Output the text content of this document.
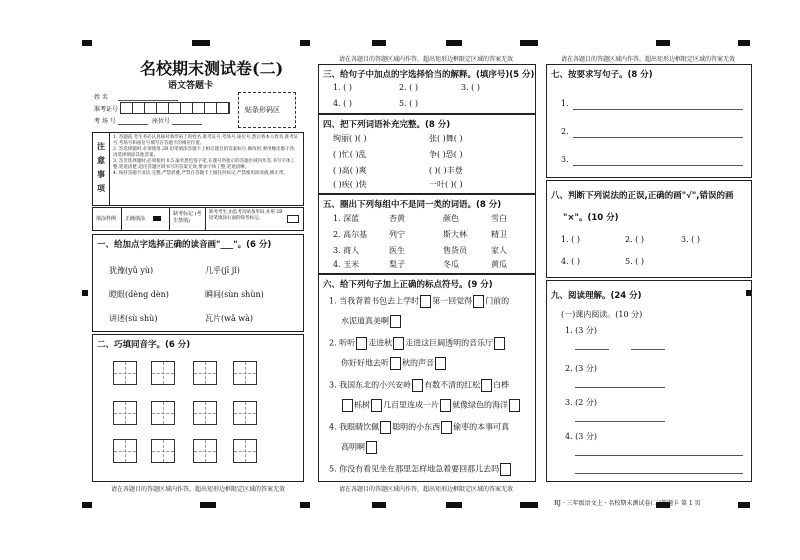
名校期末测试卷(二)
语文答题卡
姓 名
准考证号
考 场 号	座位号
贴条形码区
注
意
事
项
1. 答题前,考生务必认真核对条形码上的姓名,准考证号,考场号,座位号,然后将本人姓名,准考证号,考场号和座位号填写在答题卡的相应位置。
2. 答选择题时,必须使用 2B 铅笔填涂答题卡上相应题目的答案标号,修改时,要用橡皮擦干净,再选择填涂其他答案。
3. 答非选择题时,必须使用 0.5 毫米黑色签字笔,在题号所指示的答题区域内作答,书写字体工整,笔迹清楚,超出答题区域书写的答案无效,要求字体工整,笔迹清晰。
4. 保持答题卡清洁,完整,严禁折叠,严禁在答题卡上做任何标记,严禁使用涂改液,修正带。
填涂样例 正确填涂
缺考标记 (考生禁填)
缺考考生,由监考员贴条形码,并用 2B 铅笔填涂右面的缺考标记。
一、给加点字选择正确的读音画"___"。(6 分)
犹豫(yǔ yù)	几乎(jī jǐ)
瞪眼(dèng dèn)	瞬间(sùn shùn)
讲述(sù shù)	瓦片(wǎ wà)
二、巧填同音字。(6 分)
请在各题目的答题区域内作答，超出矩形边框限定区域的答案无效
请在各题目的答题区域内作答，超出矩形边框限定区域的答案无效
三、给句子中加点的字选择恰当的解释。(填序号)(5 分)
1. ( )	2. ( )	3. ( )
4. ( )	5. ( )
四、把下列词语补充完整。(8 分)
绚丽( )( )	张( )舞( )
( )忙( )乱	争( )恐( )
( )高( )爽	( )( )丰登
( )疾( )快	一叶( )( )
五、圈出下列每组中不是同一类的词语。(8 分)
1. 深蓝	杏黄	颜色	雪白
2. 高尔基	列宁	斯大林	精卫
3. 商人	医生	售货员	家人
4. 玉米	梨子	冬瓜	黄瓜
六、给下列句子加上正确的标点符号。(9 分)
1. 当我背着书包去上学时 第一回觉得 门前的
水泥道真美啊
2. 听听 走进秋 走进这巨阔透明的音乐厅
你好好地去听 秋的声音
3. 我国东北的小兴安岭 有数不清的红松 白桦
栎树 几百里连成一片 就像绿色的海洋
4. 我眼睛饮佩 聪明的小东西 偷枣的本事可真
高明啊
5. 你没有看见坐在那里怎样地急着要回那儿去吗
请在各题目的答题区域内作答，超出矩形边框限定区域的答案无效
请在各题目的答题区域内作答，超出矩形边框限定区域的答案无效
七、按要求写句子。(8 分)
1.
2.
3.
八、判断下列说法的正误,正确的画"√",错误的画
"×"。(10 分)
1. ( )	2. ( )	3. ( )
4. ( )	5. ( )
九、阅读理解。(24 分)
(一)课内阅读。(10 分)
1. (3 分)
2. (3 分)
3. (2 分)
4. (3 分)
RJ · 三年级语文上 · 名校期末测试卷(二)答题卡 第 1 页
